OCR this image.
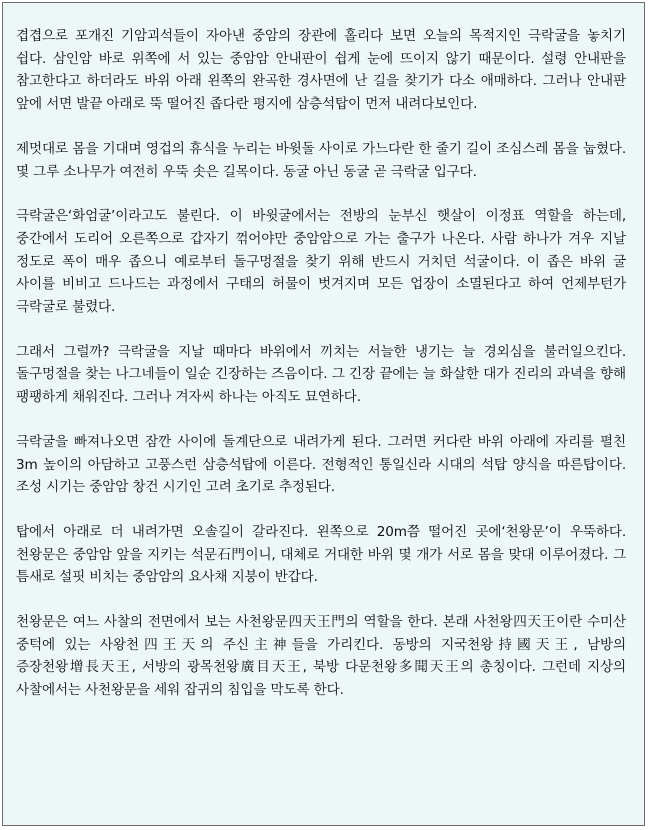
겹겹으로 포개진 기암괴석들이 자아낸 중암의 장관에 홀리다 보면 오늘의 목적지인 극락굴을 놓치기 쉽다. 삼인암 바로 위쪽에 서 있는 중암암 안내판이 쉽게 눈에 뜨이지 않기 때문이다. 설령 안내판을 참고한다고 하더라도 바위 아래 왼쪽의 완곡한 경사면에 난 길을 찾기가 다소 애매하다. 그러나 안내판 앞에 서면 발끝 아래로 뚝 떨어진 좁다란 평지에 삼층석탑이 먼저 내려다보인다.

제멋대로 몸을 기대며 영겁의 휴식을 누리는 바윗돌 사이로 가느다란 한 줄기 길이 조심스레 몸을 눕혔다. 몇 그루 소나무가 여전히 우뚝 솟은 길목이다. 동굴 아닌 동굴 곧 극락굴 입구다.

극락굴은‘화엄굴’이라고도 불린다. 이 바윗굴에서는 전방의 눈부신 햇살이 이정표 역할을 하는데, 중간에서 도리어 오른쪽으로 갑자기 꺾어야만 중암암으로 가는 출구가 나온다. 사람 하나가 겨우 지날 정도로 폭이 매우 좁으니 예로부터 돌구멍절을 찾기 위해 반드시 거치던 석굴이다. 이 좁은 바위 굴 사이를 비비고 드나드는 과정에서 구태의 허물이 벗겨지며 모든 업장이 소멸된다고 하여 언제부턴가 극락굴로 불렸다.

그래서 그럴까? 극락굴을 지날 때마다 바위에서 끼치는 서늘한 냉기는 늘 경외심을 불러일으킨다. 돌구멍절을 찾는 나그네들이 일순 긴장하는 즈음이다. 그 긴장 끝에는 늘 화살한 대가 진리의 과녁을 향해 팽팽하게 채워진다. 그러나 겨자씨 하나는 아직도 묘연하다.

극락굴을 빠져나오면 잠깐 사이에 돌계단으로 내려가게 된다. 그러면 커다란 바위 아래에 자리를 펼친 3m 높이의 아담하고 고풍스런 삼층석탑에 이른다. 전형적인 통일신라 시대의 석탑 양식을 따른탑이다. 조성 시기는 중암암 창건 시기인 고려 초기로 추정된다.

탑에서 아래로 더 내려가면 오솔길이 갈라진다. 왼쪽으로 20m쯤 떨어진 곳에‘천왕문’이 우뚝하다. 천왕문은 중암암 앞을 지키는 석문石門이니, 대체로 거대한 바위 몇 개가 서로 몸을 맞대 이루어졌다. 그 틈새로 설핏 비치는 중암암의 요사채 지붕이 반갑다.

천왕문은 여느 사찰의 전면에서 보는 사천왕문四天王門의 역할을 한다. 본래 사천왕四天王이란 수미산 중턱에 있는 사왕천四王天의 주신主神들을 가리킨다. 동방의 지국천왕持國天王, 남방의 증장천왕增長天王, 서방의 광목천왕廣目天王, 북방 다문천왕多聞天王의 총칭이다. 그런데 지상의 사찰에서는 사천왕문을 세워 잡귀의 침입을 막도록 한다.
